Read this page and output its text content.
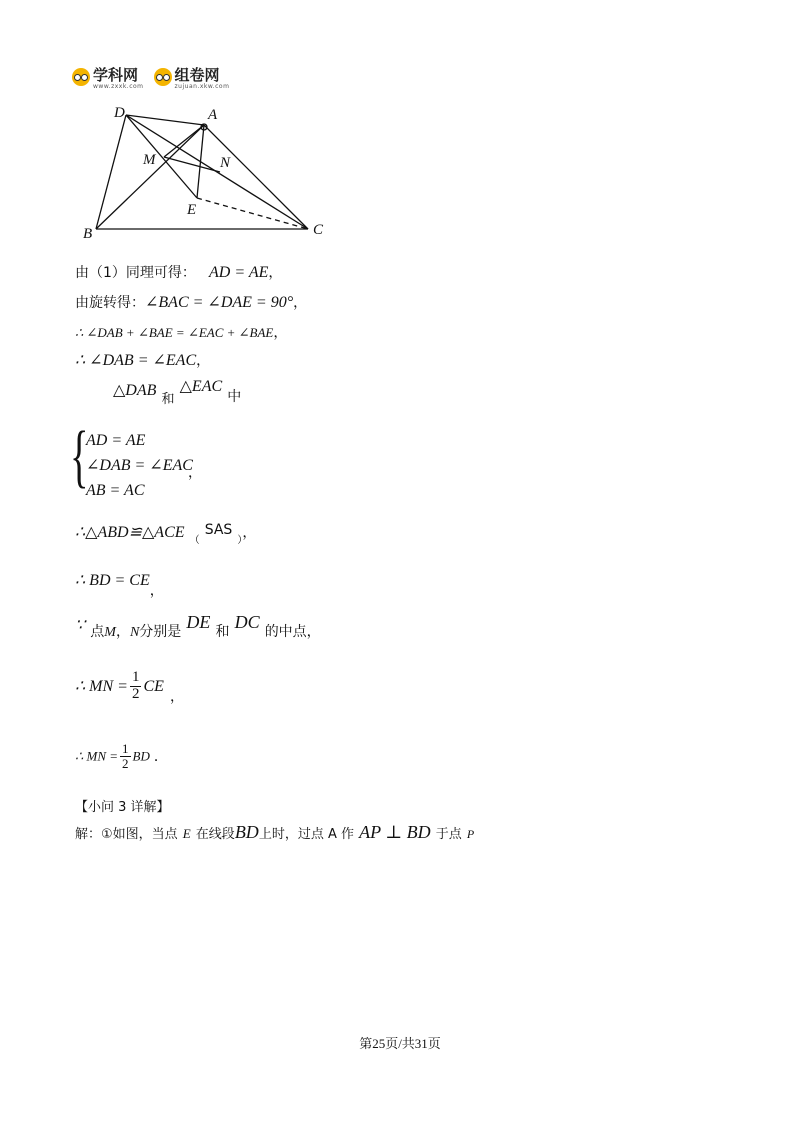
学科网
www.zxxk.com
组卷网
zujuan.xkw.com
D	A
M	N
E
B	C
由（1）同理可得： AD = AE，
由旋转得：∠BAC = ∠DAE = 90°，
∴ ∠DAB + ∠BAE = ∠EAC + ∠BAE，
∴ ∠DAB = ∠EAC，
△DAB $_和$ △EAC 中
{
AD = AE
∠DAB = ∠EAC
AB = AC
，
∴△ABD≌△ACE $_($ SAS $_)$，
∴ BD = CE，
∵ 点M，N分别是 DE 和 DC 的中点，
∴ MN = $\frac{1}{2}$ CE，
∴ MN = $\frac{1}{2}$ BD ．
【小问 3 详解】
解：①如图，当点 E 在线段BD上时，过点 A 作 AP ⊥ BD 于点 P
第25页/共31页
